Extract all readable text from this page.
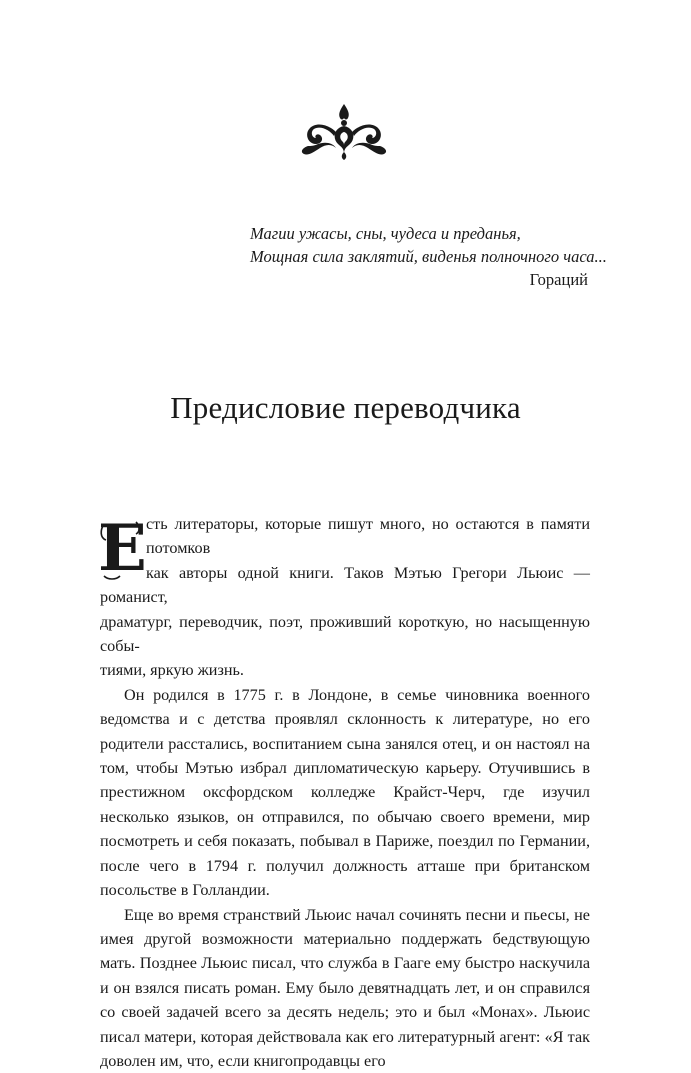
Магии ужасы, сны, чудеса и преданья,
Мощная сила заклятий, виденья полночного часа...
Гораций
Предисловие переводчика

Е сть литераторы, которые пишут много, но остаются в памяти потомков
как авторы одной книги. Таков Мэтью Грегори Льюис — романист,
драматург, переводчик, поэт, проживший короткую, но насыщенную собы-
тиями, яркую жизнь.

Он родился в 1775 г. в Лондоне, в семье чиновника военного ведомства и с детства проявлял склонность к литературе, но его родители расстались, воспитанием сына занялся отец, и он настоял на том, чтобы Мэтью избрал дипломатическую карьеру. Отучившись в престижном оксфордском колледже Крайст-Черч, где изучил несколько языков, он отправился, по обычаю своего времени, мир посмотреть и себя показать, побывал в Париже, поездил по Германии, после чего в 1794 г. получил должность атташе при британском посольстве в Голландии.

Еще во время странствий Льюис начал сочинять песни и пьесы, не имея другой возможности материально поддержать бедствующую мать. Позднее Льюис писал, что служба в Гааге ему быстро наскучила и он взялся писать роман. Ему было девятнадцать лет, и он справился со своей задачей всего за десять недель; это и был «Монах». Льюис писал матери, которая действовала как его литературный агент: «Я так доволен им, что, если книгопродавцы его
